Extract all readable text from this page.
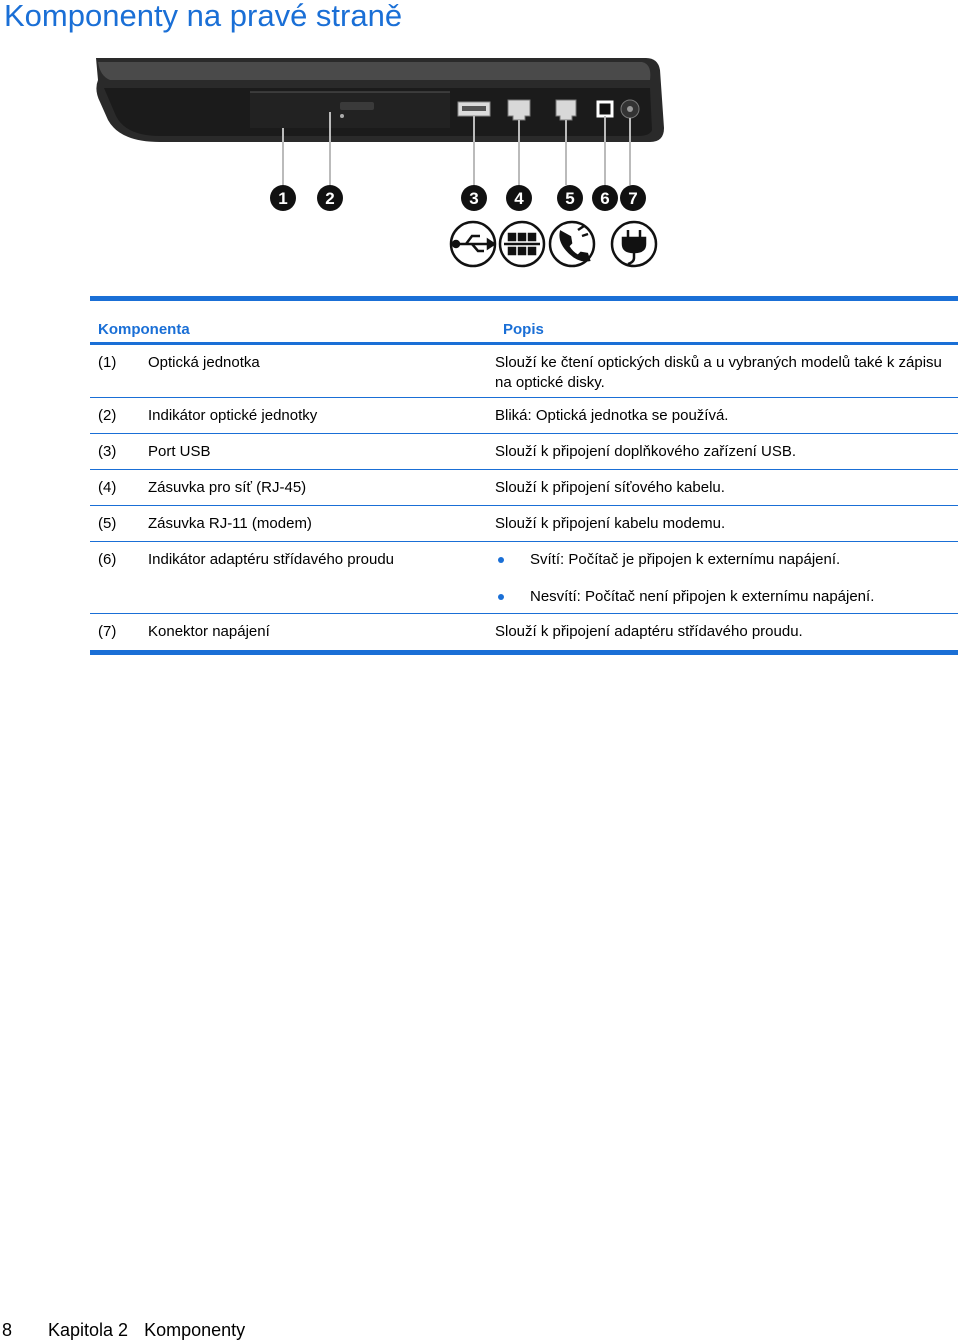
Komponenty na pravé straně
1 2	3 4 5 6 7
Komponenta	Popis
(1)	Optická jednotka	Slouží ke čtení optických disků a u vybraných modelů také k zápisu na optické disky.
(2)	Indikátor optické jednotky	Bliká: Optická jednotka se používá.
(3)	Port USB	Slouží k připojení doplňkového zařízení USB.
(4)	Zásuvka pro síť (RJ-45)	Slouží k připojení síťového kabelu.
(5)	Zásuvka RJ-11 (modem)	Slouží k připojení kabelu modemu.
(6)	Indikátor adaptéru střídavého proudu	Svítí: Počítač je připojen k externímu napájení.
Nesvítí: Počítač není připojen k externímu napájení.
(7)	Konektor napájení	Slouží k připojení adaptéru střídavého proudu.
8 Kapitola 2 Komponenty
